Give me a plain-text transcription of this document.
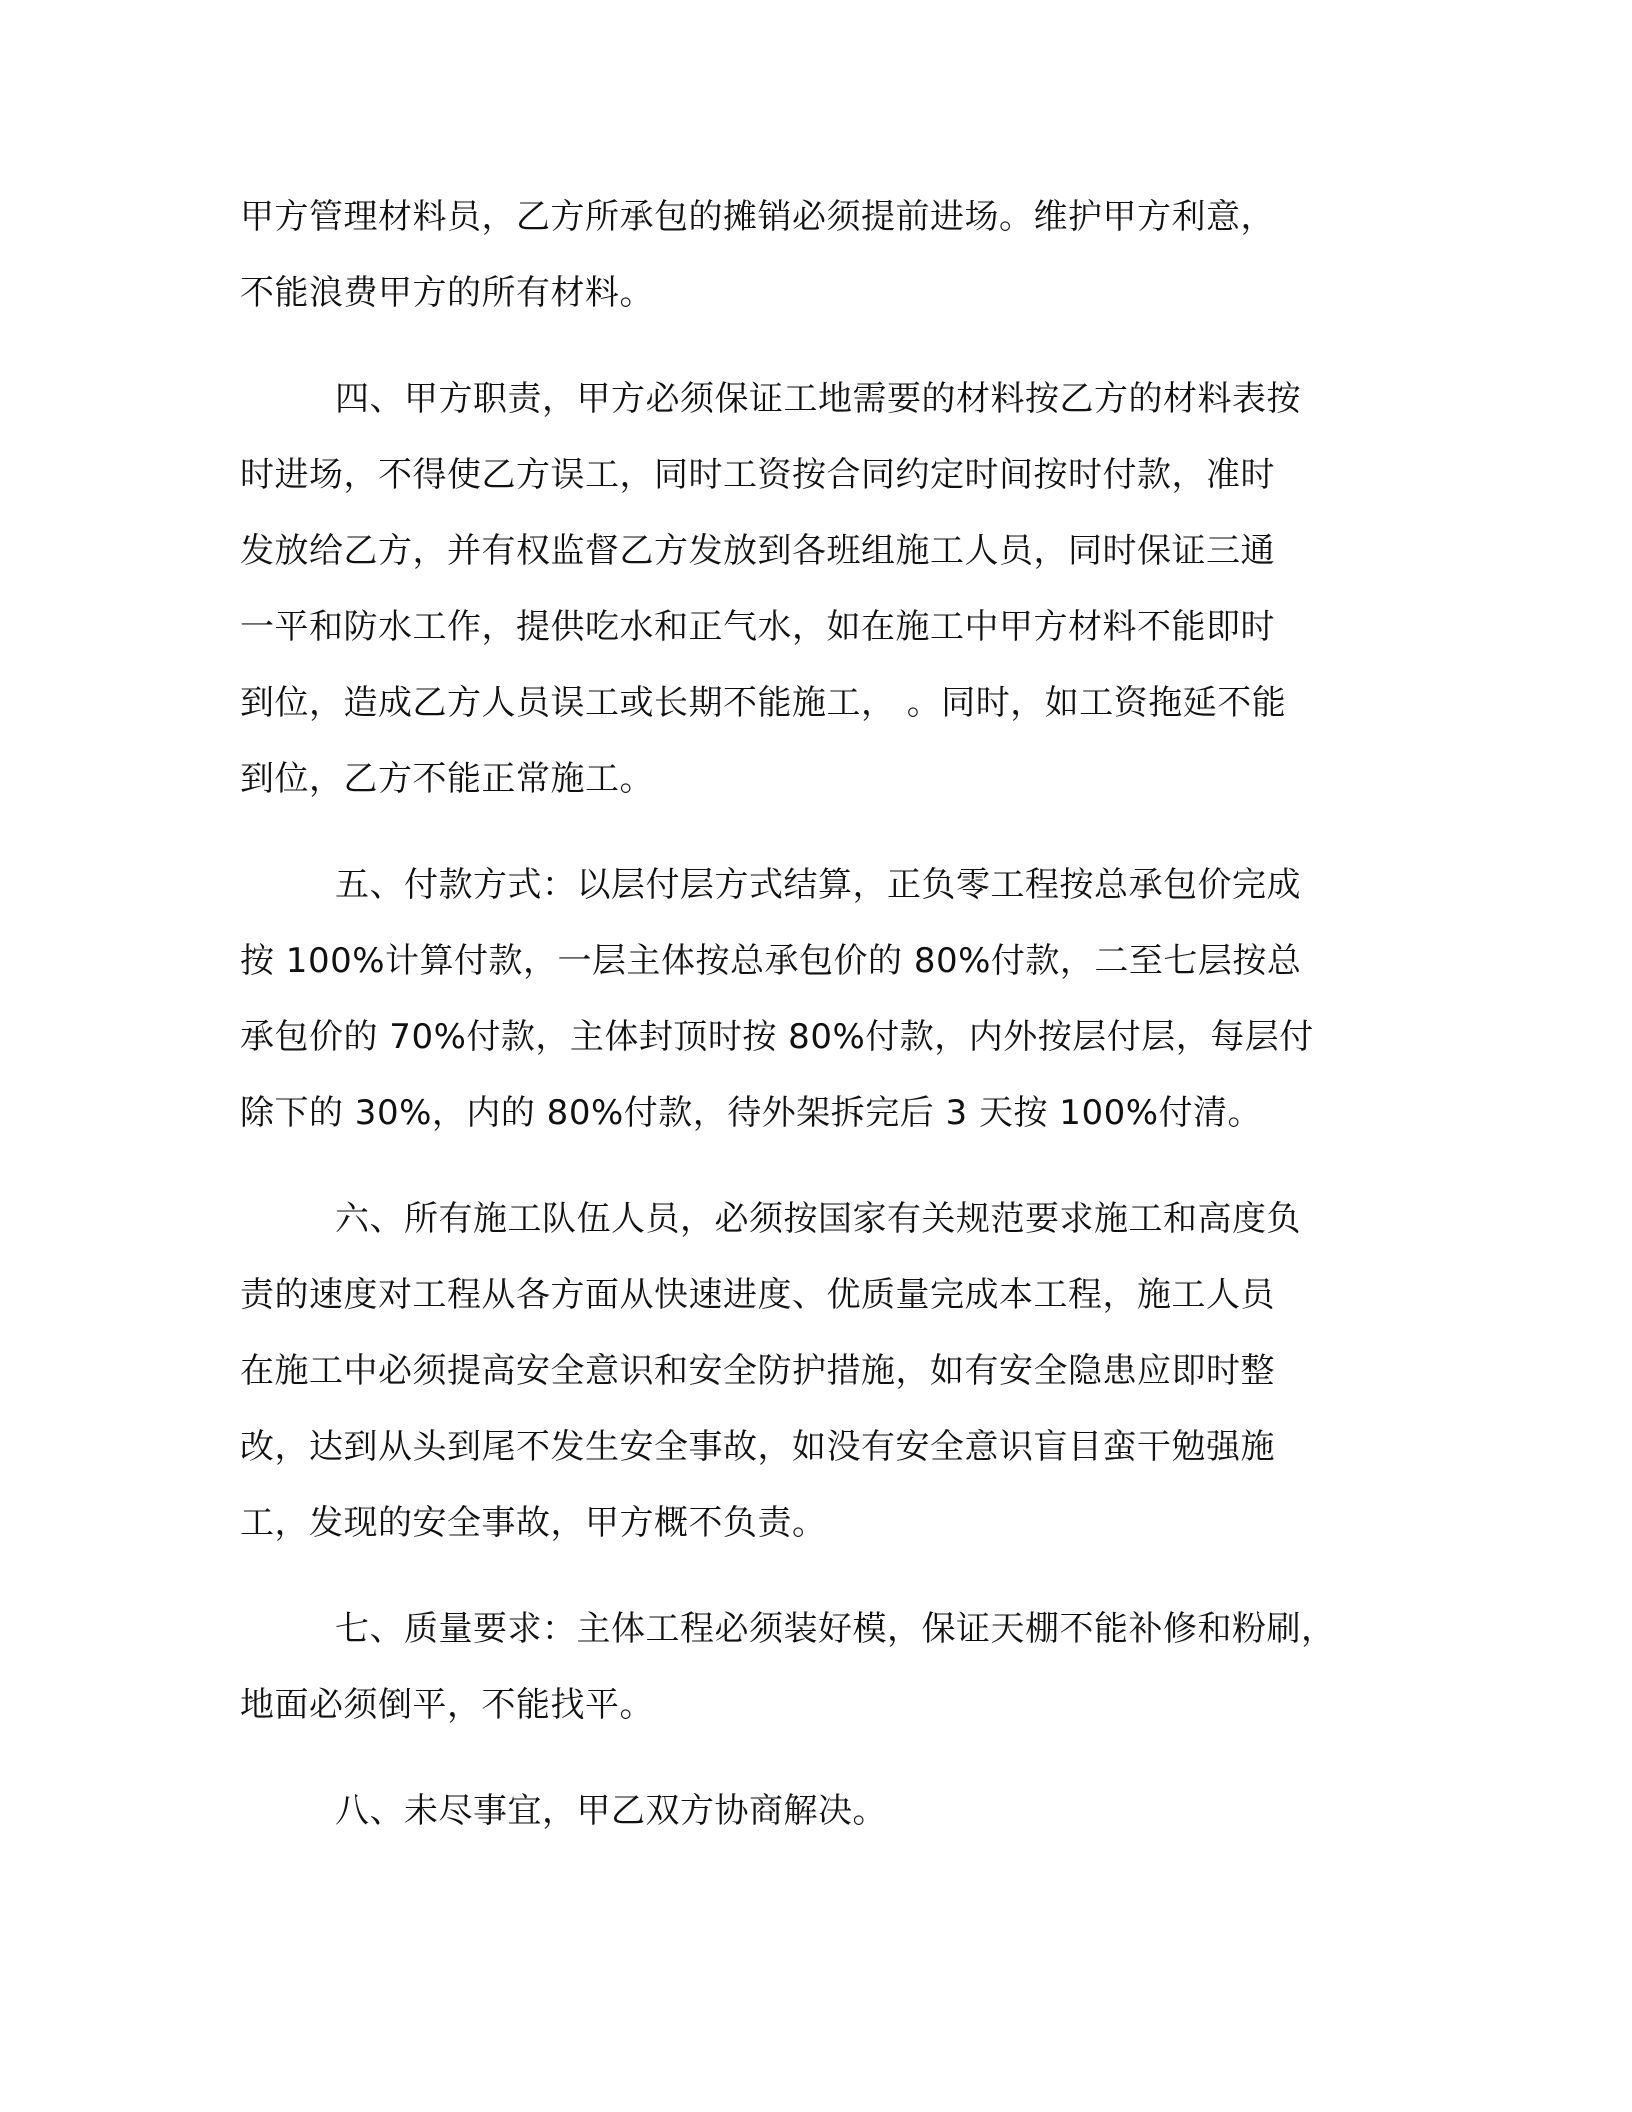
甲方管理材料员，乙方所承包的摊销必须提前进场。维护甲方利意，

不能浪费甲方的所有材料。

四、甲方职责，甲方必须保证工地需要的材料按乙方的材料表按

时进场，不得使乙方误工，同时工资按合同约定时间按时付款，准时

发放给乙方，并有权监督乙方发放到各班组施工人员，同时保证三通

一平和防水工作，提供吃水和正气水，如在施工中甲方材料不能即时

到位，造成乙方人员误工或长期不能施工， 。同时，如工资拖延不能

到位，乙方不能正常施工。

五、付款方式：以层付层方式结算，正负零工程按总承包价完成

按 100%计算付款，一层主体按总承包价的 80%付款，二至七层按总

承包价的 70%付款，主体封顶时按 80%付款，内外按层付层，每层付

除下的 30%，内的 80%付款，待外架拆完后 3 天按 100%付清。

六、所有施工队伍人员，必须按国家有关规范要求施工和高度负

责的速度对工程从各方面从快速进度、优质量完成本工程，施工人员

在施工中必须提高安全意识和安全防护措施，如有安全隐患应即时整

改，达到从头到尾不发生安全事故，如没有安全意识盲目蛮干勉强施

工，发现的安全事故，甲方概不负责。

七、质量要求：主体工程必须装好模，保证天棚不能补修和粉刷，

地面必须倒平，不能找平。

八、未尽事宜，甲乙双方协商解决。
